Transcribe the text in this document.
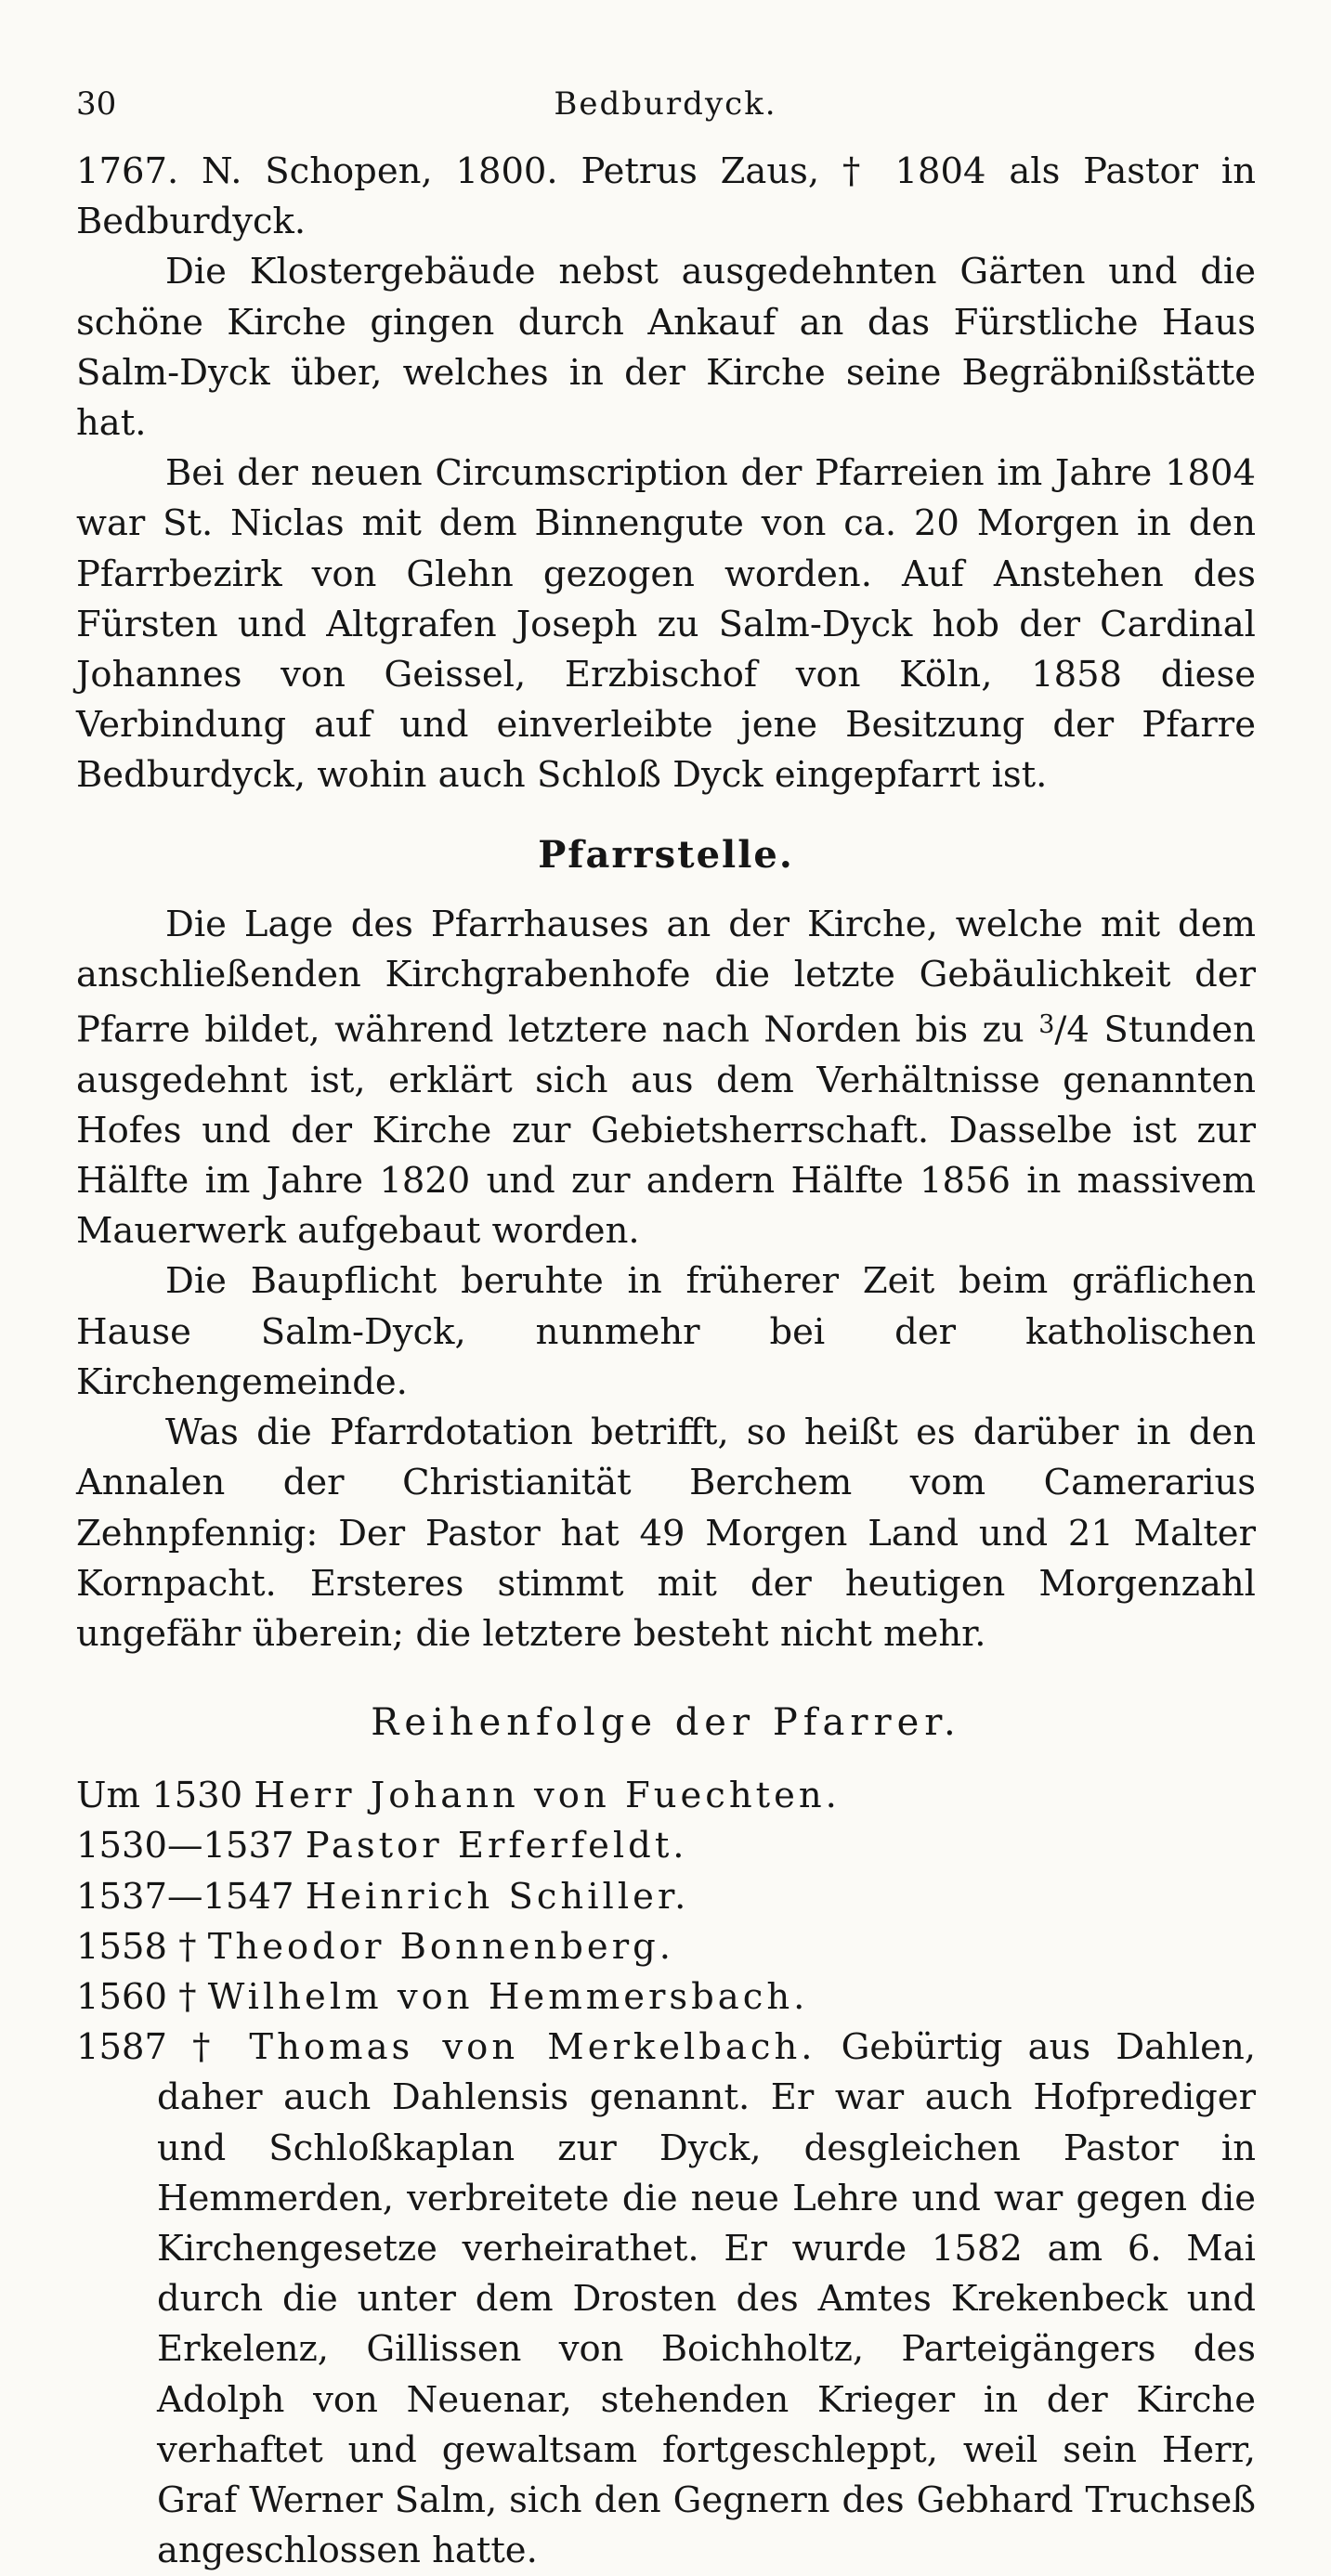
30	Bedburdyck.

1767. N. Schopen, 1800. Petrus Zaus, † 1804 als Pastor in Bedburdyck.

Die Klostergebäude nebst ausgedehnten Gärten und die schöne Kirche gingen durch Ankauf an das Fürstliche Haus Salm-Dyck über, welches in der Kirche seine Begräbnißstätte hat.

Bei der neuen Circumscription der Pfarreien im Jahre 1804 war St. Niclas mit dem Binnengute von ca. 20 Morgen in den Pfarrbezirk von Glehn gezogen worden. Auf Anstehen des Fürsten und Altgrafen Joseph zu Salm-Dyck hob der Cardinal Johannes von Geissel, Erzbischof von Köln, 1858 diese Verbindung auf und einverleibte jene Besitzung der Pfarre Bedburdyck, wohin auch Schloß Dyck eingepfarrt ist.

Pfarrstelle.

Die Lage des Pfarrhauses an der Kirche, welche mit dem anschließenden Kirchgrabenhofe die letzte Gebäulichkeit der Pfarre bildet, während letztere nach Norden bis zu $^3$/4 Stunden ausgedehnt ist, erklärt sich aus dem Verhältnisse genannten Hofes und der Kirche zur Gebietsherrschaft. Dasselbe ist zur Hälfte im Jahre 1820 und zur andern Hälfte 1856 in massivem Mauerwerk aufgebaut worden.

Die Baupflicht beruhte in früherer Zeit beim gräflichen Hause Salm-Dyck, nunmehr bei der katholischen Kirchengemeinde.

Was die Pfarrdotation betrifft, so heißt es darüber in den Annalen der Christianität Berchem vom Camerarius Zehnpfennig: Der Pastor hat 49 Morgen Land und 21 Malter Kornpacht. Ersteres stimmt mit der heutigen Morgenzahl ungefähr überein; die letztere besteht nicht mehr.

Reihenfolge der Pfarrer.
Um 1530 Herr Johann von Fuechten.
1530—1537 Pastor Erferfeldt.
1537—1547 Heinrich Schiller.
1558 † Theodor Bonnenberg.
1560 † Wilhelm von Hemmersbach.
1587 † Thomas von Merkelbach. Gebürtig aus Dahlen, daher auch Dahlensis genannt. Er war auch Hofprediger und Schloßkaplan zur Dyck, desgleichen Pastor in Hemmerden, verbreitete die neue Lehre und war gegen die Kirchengesetze verheirathet. Er wurde 1582 am 6. Mai durch die unter dem Drosten des Amtes Krekenbeck und Erkelenz, Gillissen von Boichholtz, Parteigängers des Adolph von Neuenar, stehenden Krieger in der Kirche verhaftet und gewaltsam fortgeschleppt, weil sein Herr, Graf Werner Salm, sich den Gegnern des Gebhard Truchseß angeschlossen hatte.
